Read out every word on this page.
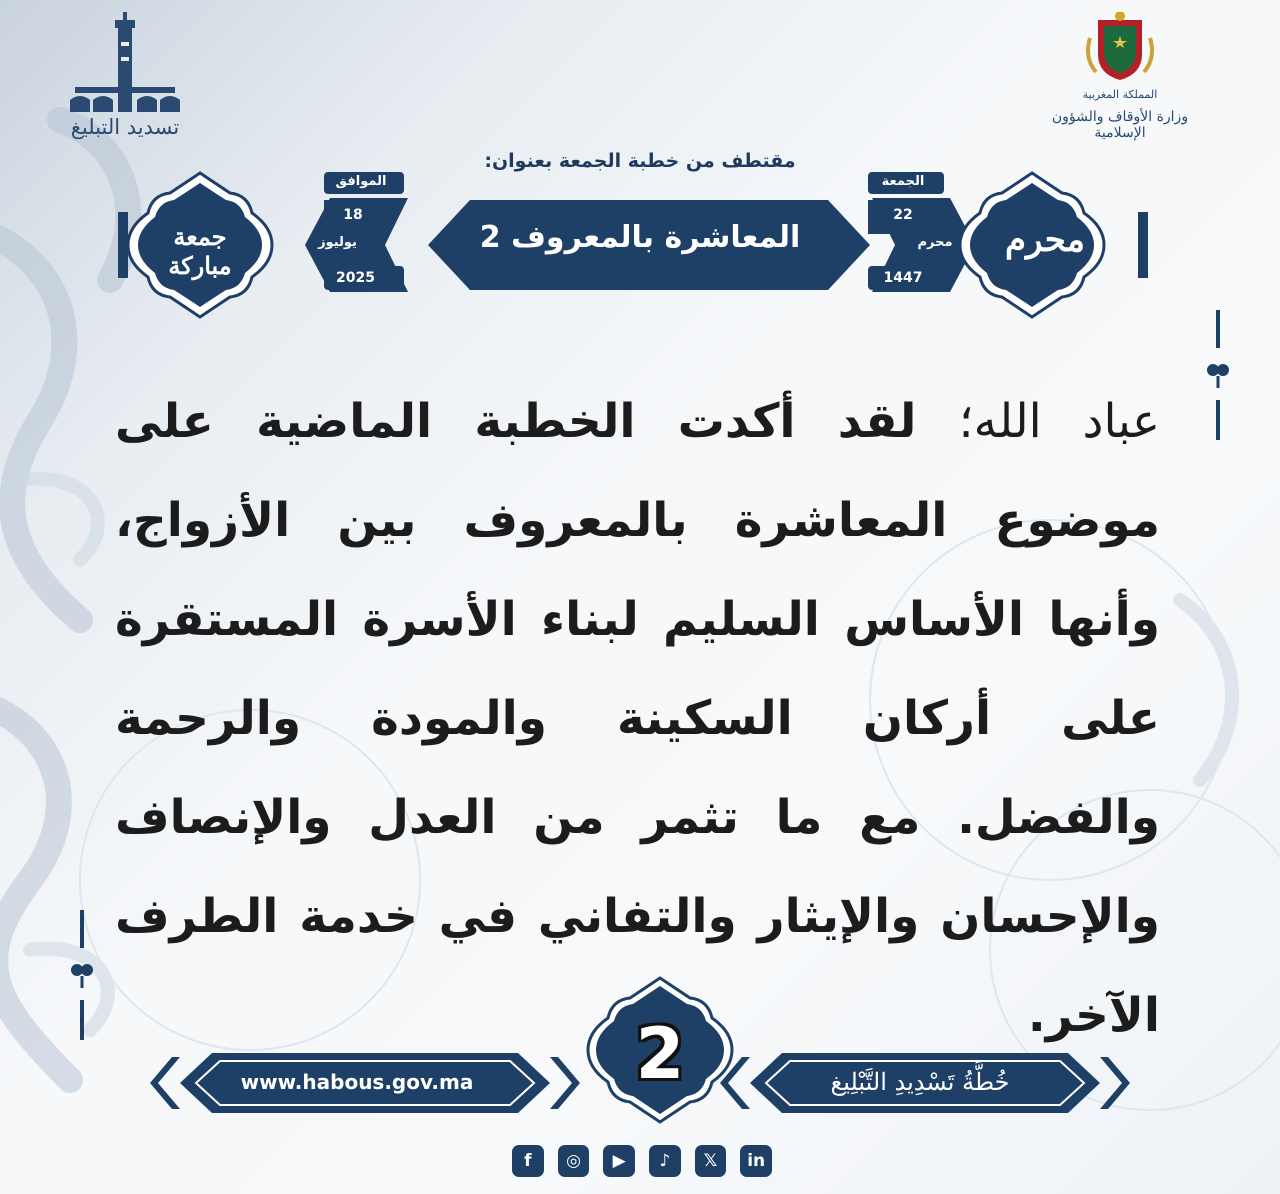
تسديد التبليغ
المملكة المغربية
وزارة الأوقاف والشؤون الإسلامية
مقتطف من خطبة الجمعة بعنوان:
المعاشرة بالمعروف 2
الجمعة
22
محرم
1447
الموافق
18
يوليوز
2025
محرم
جمعة مباركة
عباد الله؛ لقد أكدت الخطبة الماضية على موضوع المعاشرة بالمعروف بين الأزواج، وأنها الأساس السليم لبناء الأسرة المستقرة على أركان السكينة والمودة والرحمة والفضل. مع ما تثمر من العدل والإنصاف والإحسان والإيثار والتفاني في خدمة الطرف الآخر.
2
www.habous.gov.ma	خُطَّةُ تَسْدِيدِ التَّبْلِيغ
f	◎	▶	♪	𝕏	in
